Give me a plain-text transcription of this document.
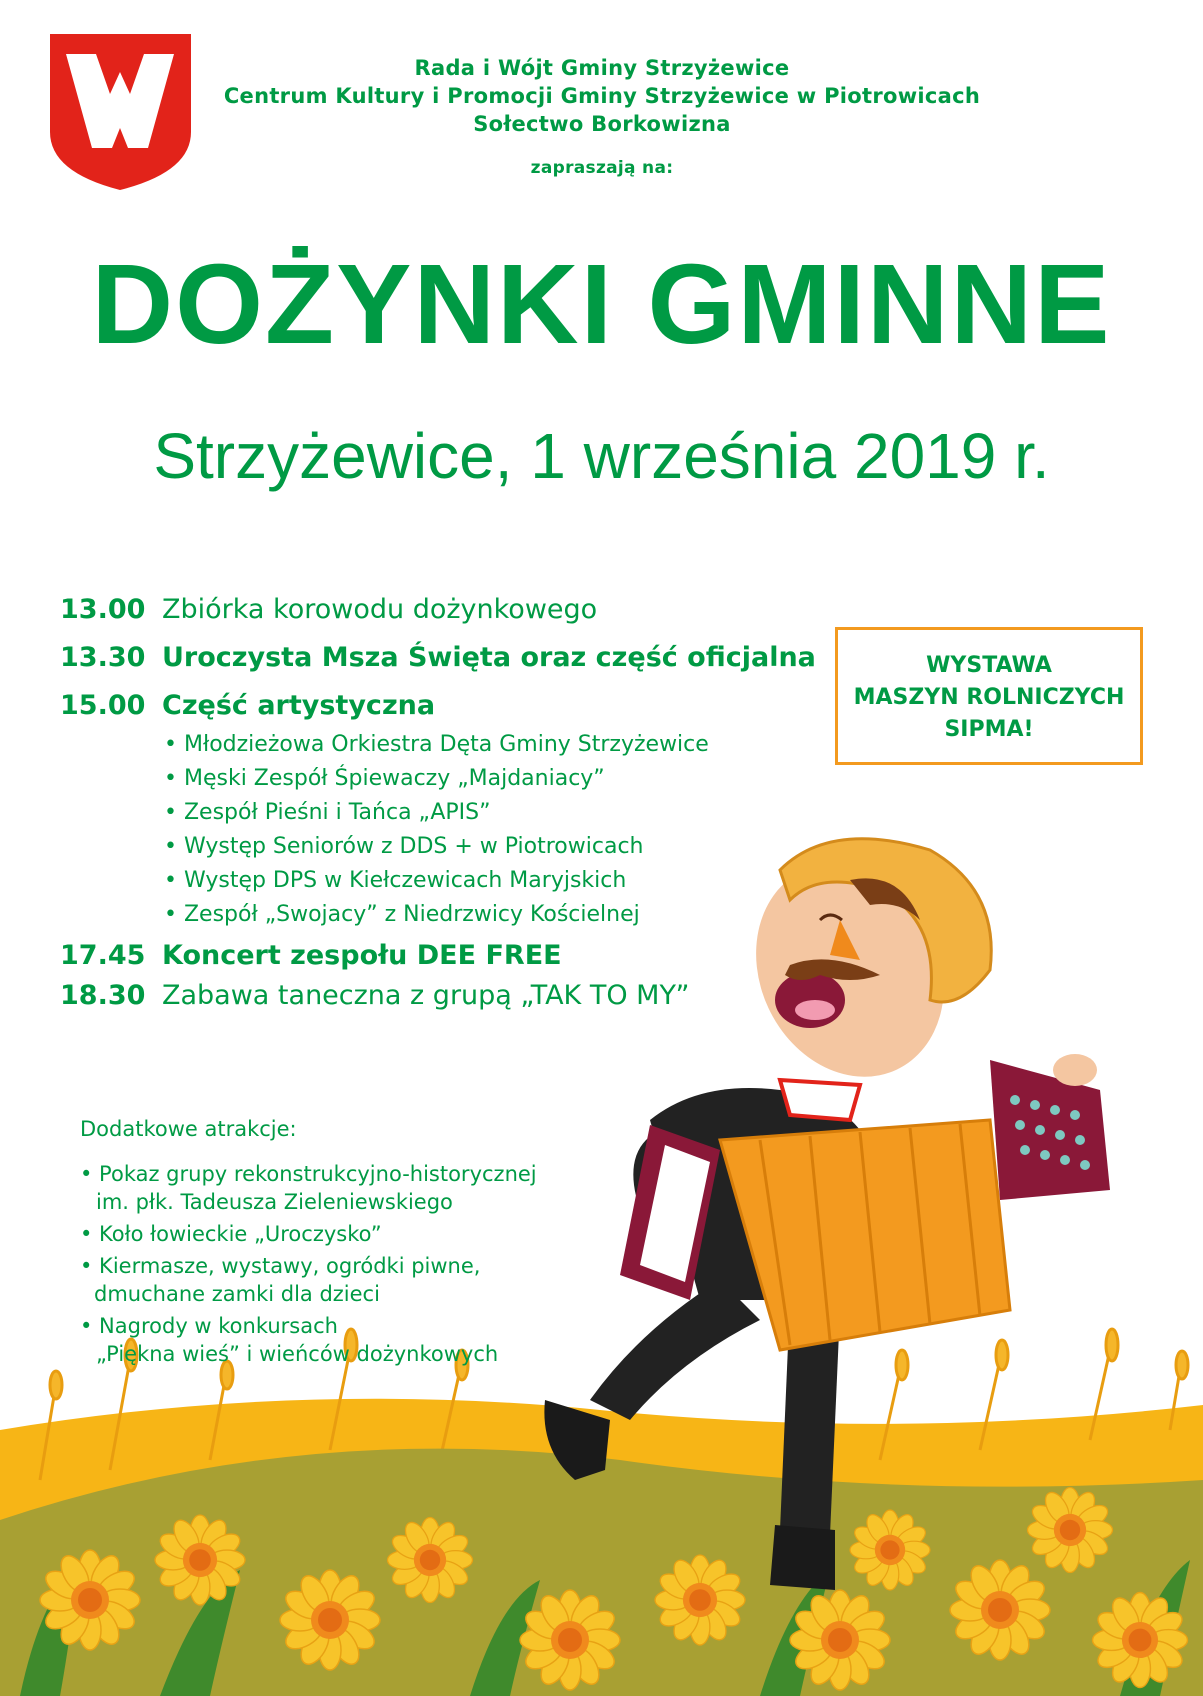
Rada i Wójt Gminy Strzyżewice
Centrum Kultury i Promocji Gminy Strzyżewice w Piotrowicach
Sołectwo Borkowizna
zapraszają na:
DOŻYNKI GMINNE
Strzyżewice, 1 września 2019 r.
13.00 Zbiórka korowodu dożynkowego
13.30 Uroczysta Msza Święta oraz część oficjalna
15.00 Część artystyczna
• Młodzieżowa Orkiestra Dęta Gminy Strzyżewice
• Męski Zespół Śpiewaczy „Majdaniacy”
• Zespół Pieśni i Tańca „APIS”
• Występ Seniorów z DDS + w Piotrowicach
• Występ DPS w Kiełczewicach Maryjskich
• Zespół „Swojacy” z Niedrzwicy Kościelnej
17.45 Koncert zespołu DEE FREE
18.30 Zabawa taneczna z grupą „TAK TO MY”
WYSTAWA
MASZYN ROLNICZYCH
SIPMA!
Dodatkowe atrakcje:
• Pokaz grupy rekonstrukcyjno-historycznej
im. płk. Tadeusza Zieleniewskiego
• Koło łowieckie „Uroczysko”
• Kiermasze, wystawy, ogródki piwne,
dmuchane zamki dla dzieci
• Nagrody w konkursach
„Piękna wieś” i wieńców dożynkowych
